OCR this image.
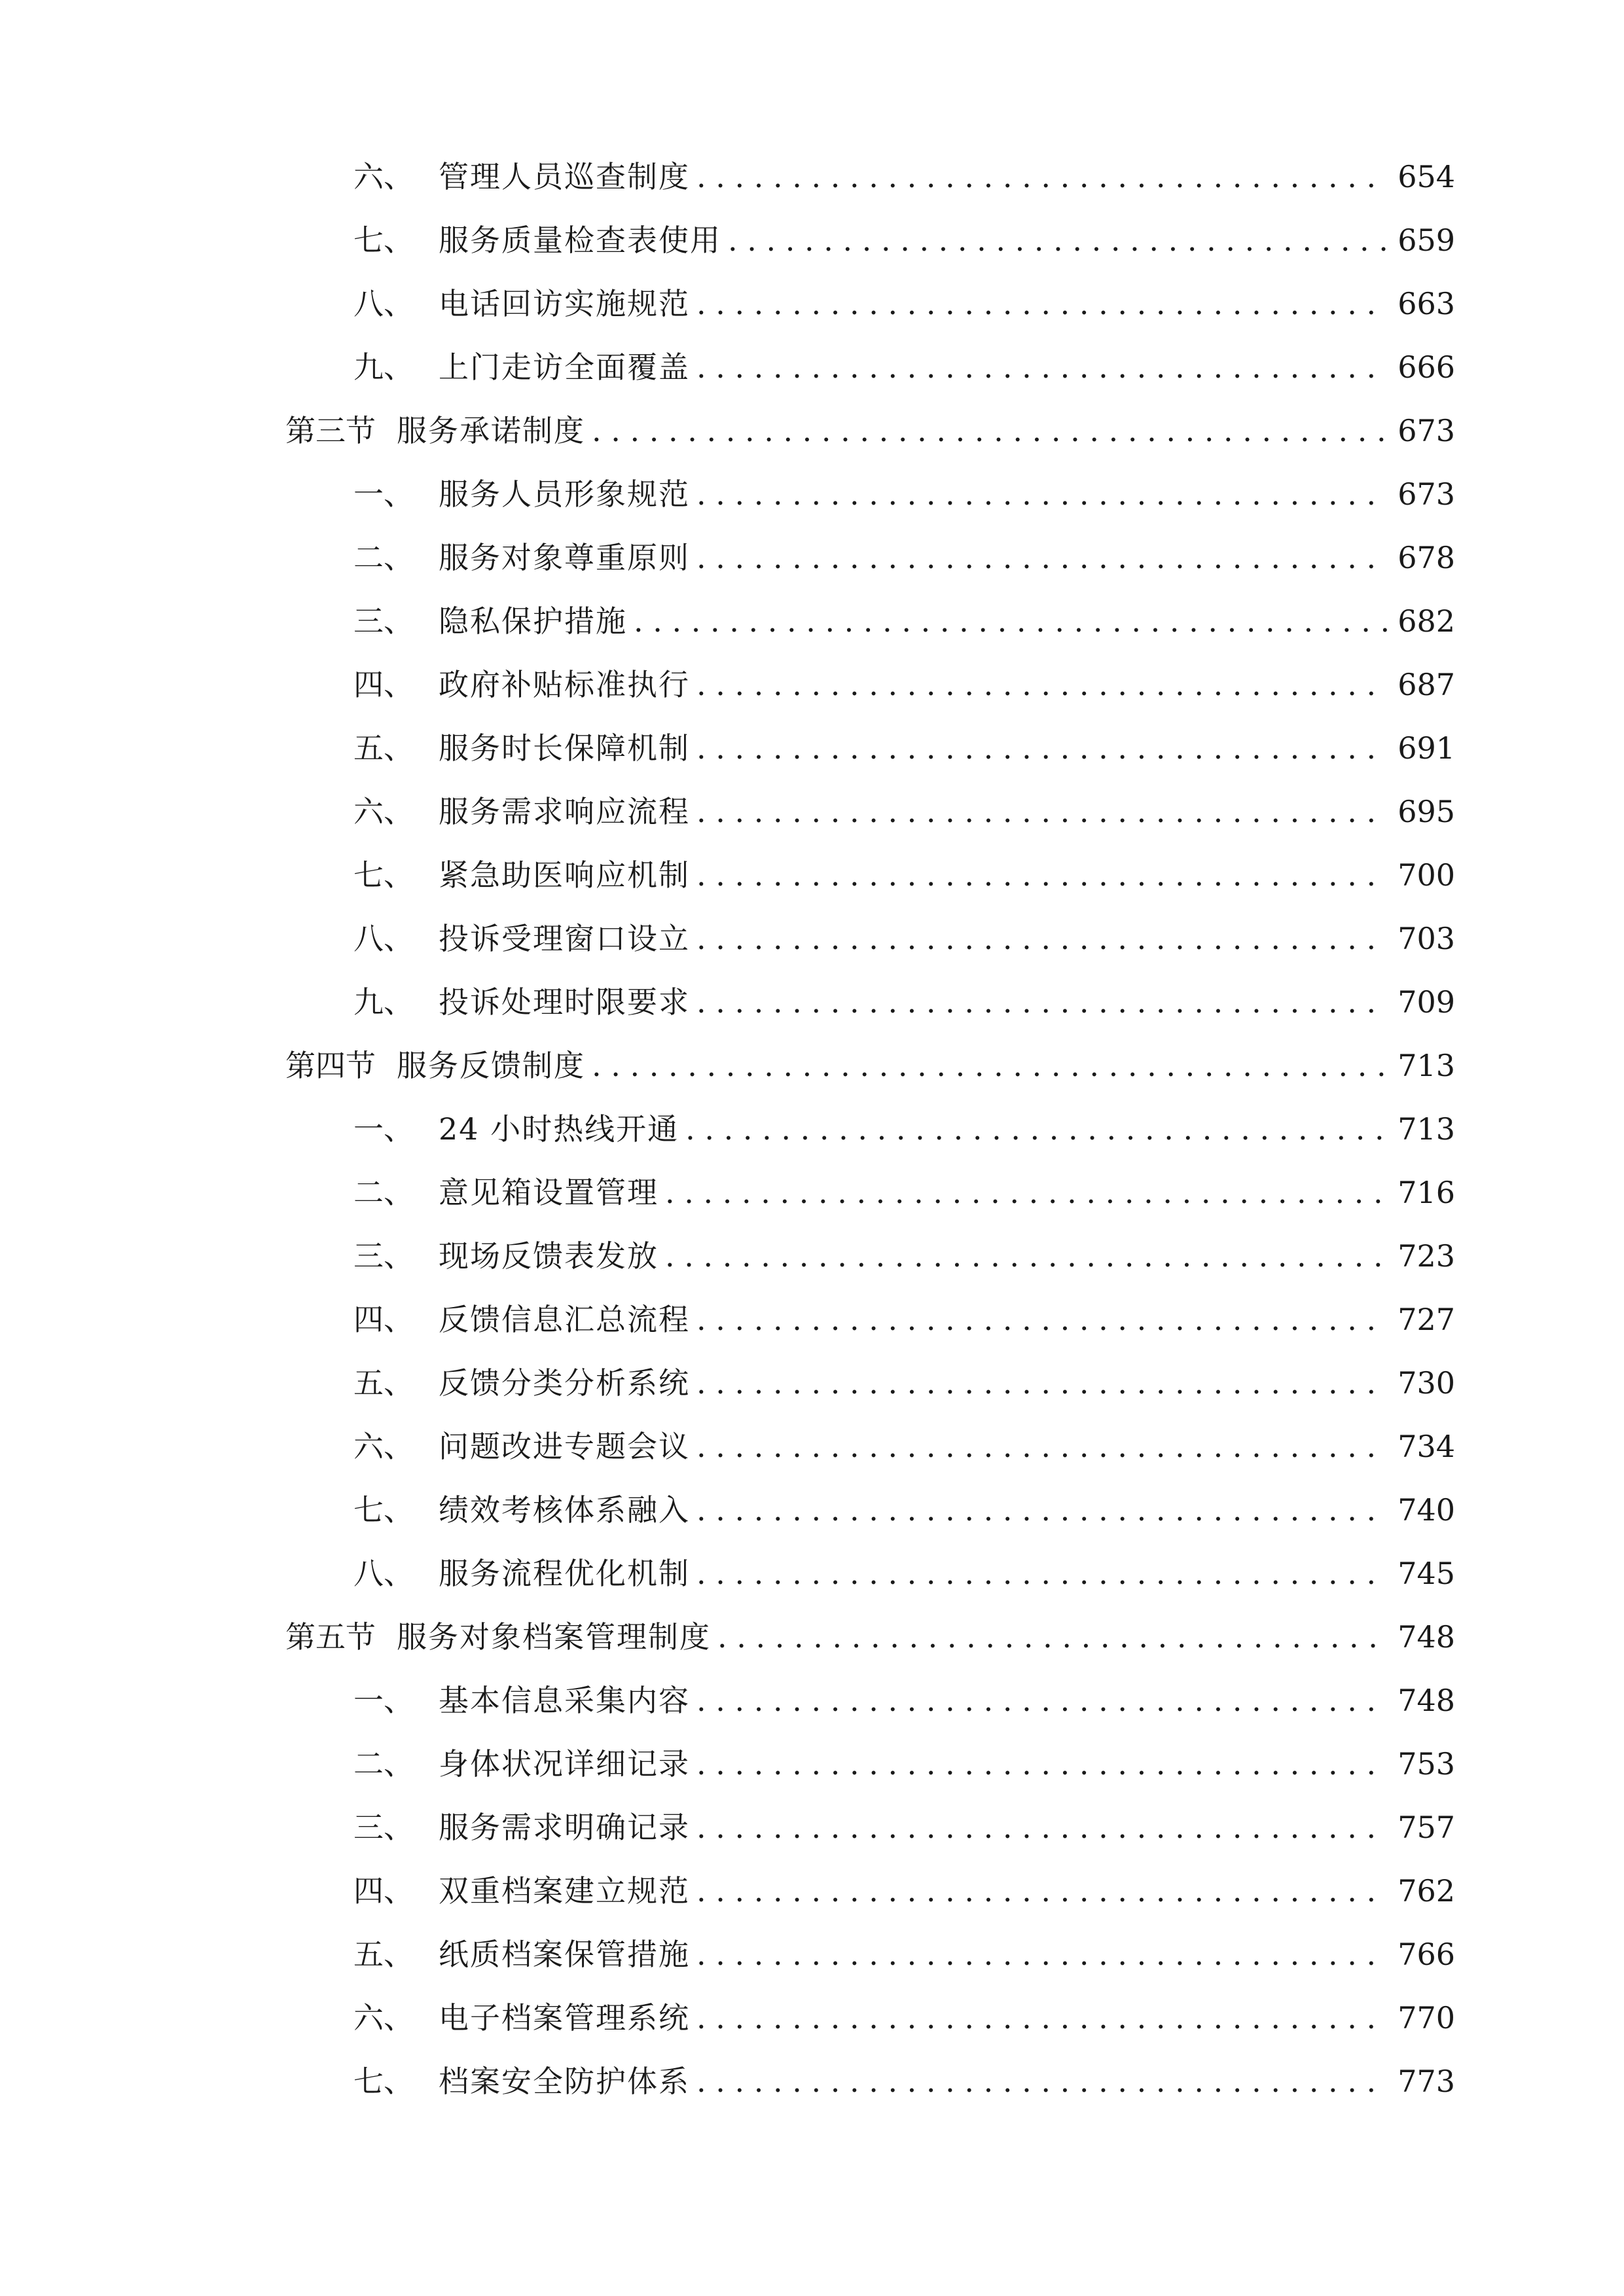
六、 管理人员巡查制度 . . .	654
七、 服务质量检查表使用 . . .	659
八、 电话回访实施规范 . . .	663
九、 上门走访全面覆盖 . . .	666
第三节 服务承诺制度 . . .	673
一、 服务人员形象规范 . . .	673
二、 服务对象尊重原则 . . .	678
三、 隐私保护措施 . . .	682
四、 政府补贴标准执行 . . .	687
五、 服务时长保障机制 . . .	691
六、 服务需求响应流程 . . .	695
七、 紧急助医响应机制 . . .	700
八、 投诉受理窗口设立 . . .	703
九、 投诉处理时限要求 . . .	709
第四节 服务反馈制度 . . .	713
一、 24 小时热线开通 . . .	713
二、 意见箱设置管理 . . .	716
三、 现场反馈表发放 . . .	723
四、 反馈信息汇总流程 . . .	727
五、 反馈分类分析系统 . . .	730
六、 问题改进专题会议 . . .	734
七、 绩效考核体系融入 . . .	740
八、 服务流程优化机制 . . .	745
第五节 服务对象档案管理制度 . . .	748
一、 基本信息采集内容 . . .	748
二、 身体状况详细记录 . . .	753
三、 服务需求明确记录 . . .	757
四、 双重档案建立规范 . . .	762
五、 纸质档案保管措施 . . .	766
六、 电子档案管理系统 . . .	770
七、 档案安全防护体系 . . .	773
